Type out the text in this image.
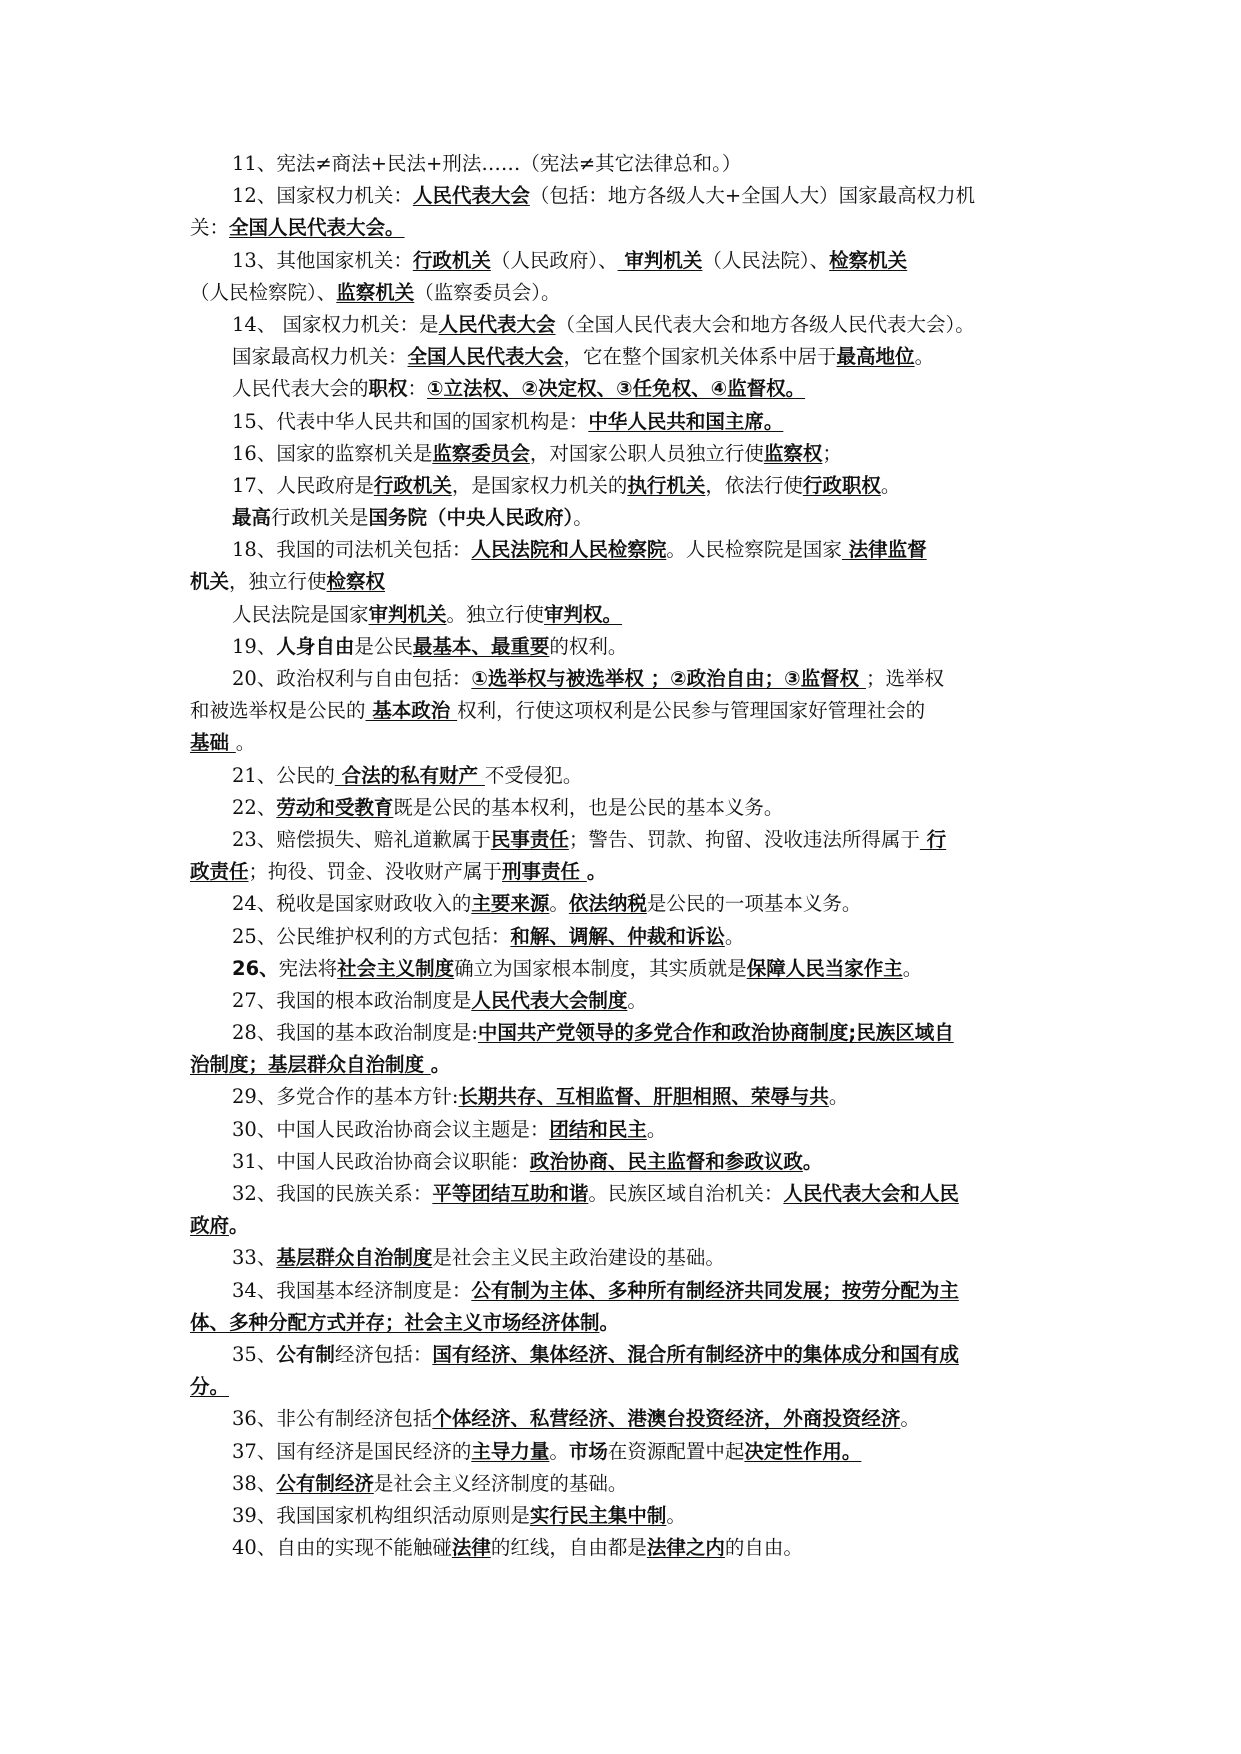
11、宪法≠商法+民法+刑法……（宪法≠其它法律总和。）
12、国家权力机关：人民代表大会（包括：地方各级人大+全国人大）国家最高权力机
关：全国人民代表大会。
13、其他国家机关：行政机关（人民政府）、 审判机关（人民法院）、检察机关
（人民检察院）、监察机关（监察委员会）。
14、 国家权力机关：是人民代表大会（全国人民代表大会和地方各级人民代表大会）。
国家最高权力机关：全国人民代表大会，它在整个国家机关体系中居于最高地位。
人民代表大会的职权：①立法权、②决定权、③任免权、④监督权。
15、代表中华人民共和国的国家机构是：中华人民共和国主席。
16、国家的监察机关是监察委员会，对国家公职人员独立行使监察权；
17、人民政府是行政机关，是国家权力机关的执行机关，依法行使行政职权。
最高行政机关是国务院（中央人民政府）。
18、我国的司法机关包括：人民法院和人民检察院。人民检察院是国家 法律监督
机关，独立行使检察权
人民法院是国家审判机关。独立行使审判权。
19、人身自由是公民最基本、最重要的权利。
20、政治权利与自由包括：①选举权与被选举权 ；②政治自由；③监督权 ；选举权
和被选举权是公民的 基本政治 权利，行使这项权利是公民参与管理国家好管理社会的
基础 。
21、公民的 合法的私有财产 不受侵犯。
22、劳动和受教育既是公民的基本权利，也是公民的基本义务。
23、赔偿损失、赔礼道歉属于民事责任；警告、罚款、拘留、没收违法所得属于 行
政责任；拘役、罚金、没收财产属于刑事责任 。
24、税收是国家财政收入的主要来源。依法纳税是公民的一项基本义务。
25、公民维护权利的方式包括：和解、调解、仲裁和诉讼。
26、宪法将社会主义制度确立为国家根本制度，其实质就是保障人民当家作主。
27、我国的根本政治制度是人民代表大会制度。
28、我国的基本政治制度是:中国共产党领导的多党合作和政治协商制度;民族区域自
治制度；基层群众自治制度 。
29、多党合作的基本方针:长期共存、互相监督、肝胆相照、荣辱与共。
30、中国人民政治协商会议主题是：团结和民主。
31、中国人民政治协商会议职能：政治协商、民主监督和参政议政。
32、我国的民族关系：平等团结互助和谐。民族区域自治机关：人民代表大会和人民
政府。
33、基层群众自治制度是社会主义民主政治建设的基础。
34、我国基本经济制度是：公有制为主体、多种所有制经济共同发展；按劳分配为主
体、多种分配方式并存；社会主义市场经济体制。
35、公有制经济包括：国有经济、集体经济、混合所有制经济中的集体成分和国有成
分。
36、非公有制经济包括个体经济、私营经济、港澳台投资经济，外商投资经济。
37、国有经济是国民经济的主导力量。市场在资源配置中起决定性作用。
38、公有制经济是社会主义经济制度的基础。
39、我国国家机构组织活动原则是实行民主集中制。
40、自由的实现不能触碰法律的红线，自由都是法律之内的自由。
